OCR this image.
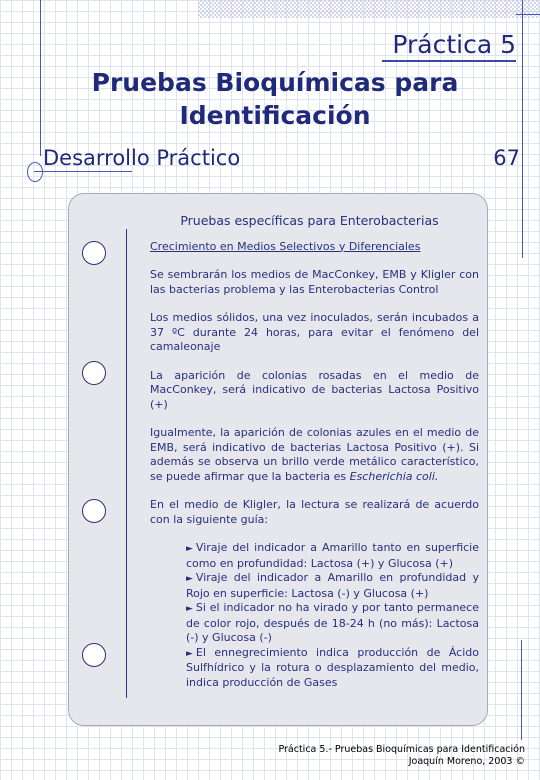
Práctica 5
Pruebas Bioquímicas para Identificación
Desarrollo Práctico	67

Pruebas específicas para Enterobacterias

Crecimiento en Medios Selectivos y Diferenciales

Se sembrarán los medios de MacConkey, EMB y Kligler con las bacterias problema y las Enterobacterias Control

Los medios sólidos, una vez inoculados, serán incubados a 37 ºC durante 24 horas, para evitar el fenómeno del camaleonaje

La aparición de colonias rosadas en el medio de MacConkey, será indicativo de bacterias Lactosa Positivo (+)

Igualmente, la aparición de colonias azules en el medio de EMB, será indicativo de bacterias Lactosa Positivo (+). Si además se observa un brillo verde metálico característico, se puede afirmar que la bacteria es Escherichia coli.

En el medio de Kligler, la lectura se realizará de acuerdo con la siguiente guía:

► Viraje del indicador a Amarillo tanto en superficie como en profundidad: Lactosa (+) y Glucosa (+)
► Viraje del indicador a Amarillo en profundidad y Rojo en superficie: Lactosa (-) y Glucosa (+)
► Si el indicador no ha virado y por tanto permanece de color rojo, después de 18-24 h (no más): Lactosa (-) y Glucosa (-)
► El ennegrecimiento indica producción de Ácido Sulfhídrico y la rotura o desplazamiento del medio, indica producción de Gases
Práctica 5.- Pruebas Bioquímicas para Identificación
Joaquín Moreno, 2003 ©
